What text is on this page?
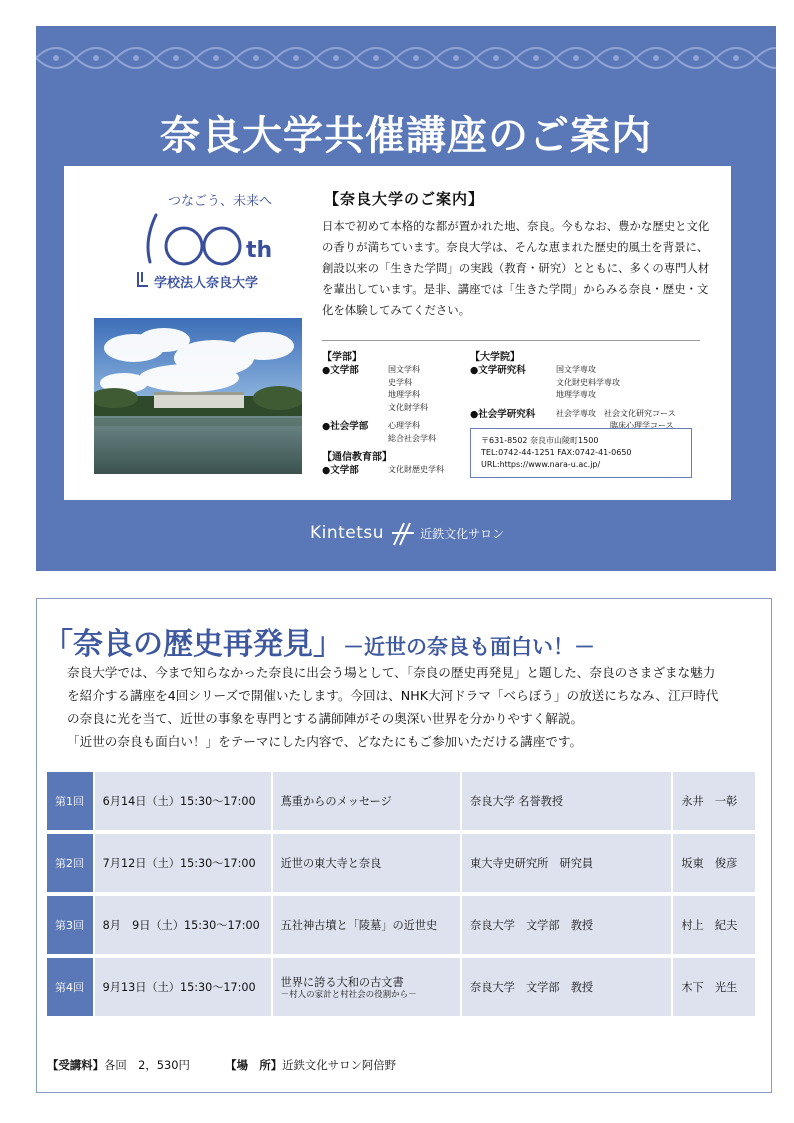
奈良大学共催講座のご案内
つなごう、未来へ
th
学校法人奈良大学
【奈良大学のご案内】
日本で初めて本格的な都が置かれた地、奈良。今もなお、豊かな歴史と文化の香りが満ちています。奈良大学は、そんな恵まれた歴史的風土を背景に、創設以来の「生きた学問」の実践（教育・研究）とともに、多くの専門人材を輩出しています。是非、講座では「生きた学問」からみる奈良・歴史・文化を体験してみてください。
【学部】
●文学部	国文学科
史学科
地理学科
文化財学科
●社会学部	心理学科
総合社会学科
【通信教育部】
●文学部	文化財歴史学科
【大学院】
●文学研究科	国文学専攻
文化財史料学専攻
地理学専攻
●社会学研究科	社会学専攻　社会文化研究コース
臨床心理学コース
〒631-8502 奈良市山陵町1500
TEL:0742-44-1251 FAX:0742-41-0650
URL:https://www.nara-u.ac.jp/
Kintetsu	近鉄文化サロン
「奈良の歴史再発見」－近世の奈良も面白い！－
奈良大学では、今まで知らなかった奈良に出会う場として、「奈良の歴史再発見」と題した、奈良のさまざまな魅力
を紹介する講座を4回シリーズで開催いたします。今回は、NHK大河ドラマ「べらぼう」の放送にちなみ、江戸時代
の奈良に光を当て、近世の事象を専門とする講師陣がその奥深い世界を分かりやすく解説。
「近世の奈良も面白い！」をテーマにした内容で、どなたにもご参加いただける講座です。
第1回	6月14日（土）15:30〜17:00	蔦重からのメッセージ	奈良大学 名誉教授	永井　一彰
第2回	7月12日（土）15:30〜17:00	近世の東大寺と奈良	東大寺史研究所　研究員	坂東　俊彦
第3回	8月　9日（土）15:30〜17:00	五社神古墳と「陵墓」の近世史	奈良大学　文学部　教授	村上　紀夫
第4回	9月13日（土）15:30〜17:00	世界に誇る大和の古文書
－村人の家計と村社会の役割から－	奈良大学　文学部　教授	木下　光生
【受講料】各回　2，530円	【場　所】近鉄文化サロン阿倍野
